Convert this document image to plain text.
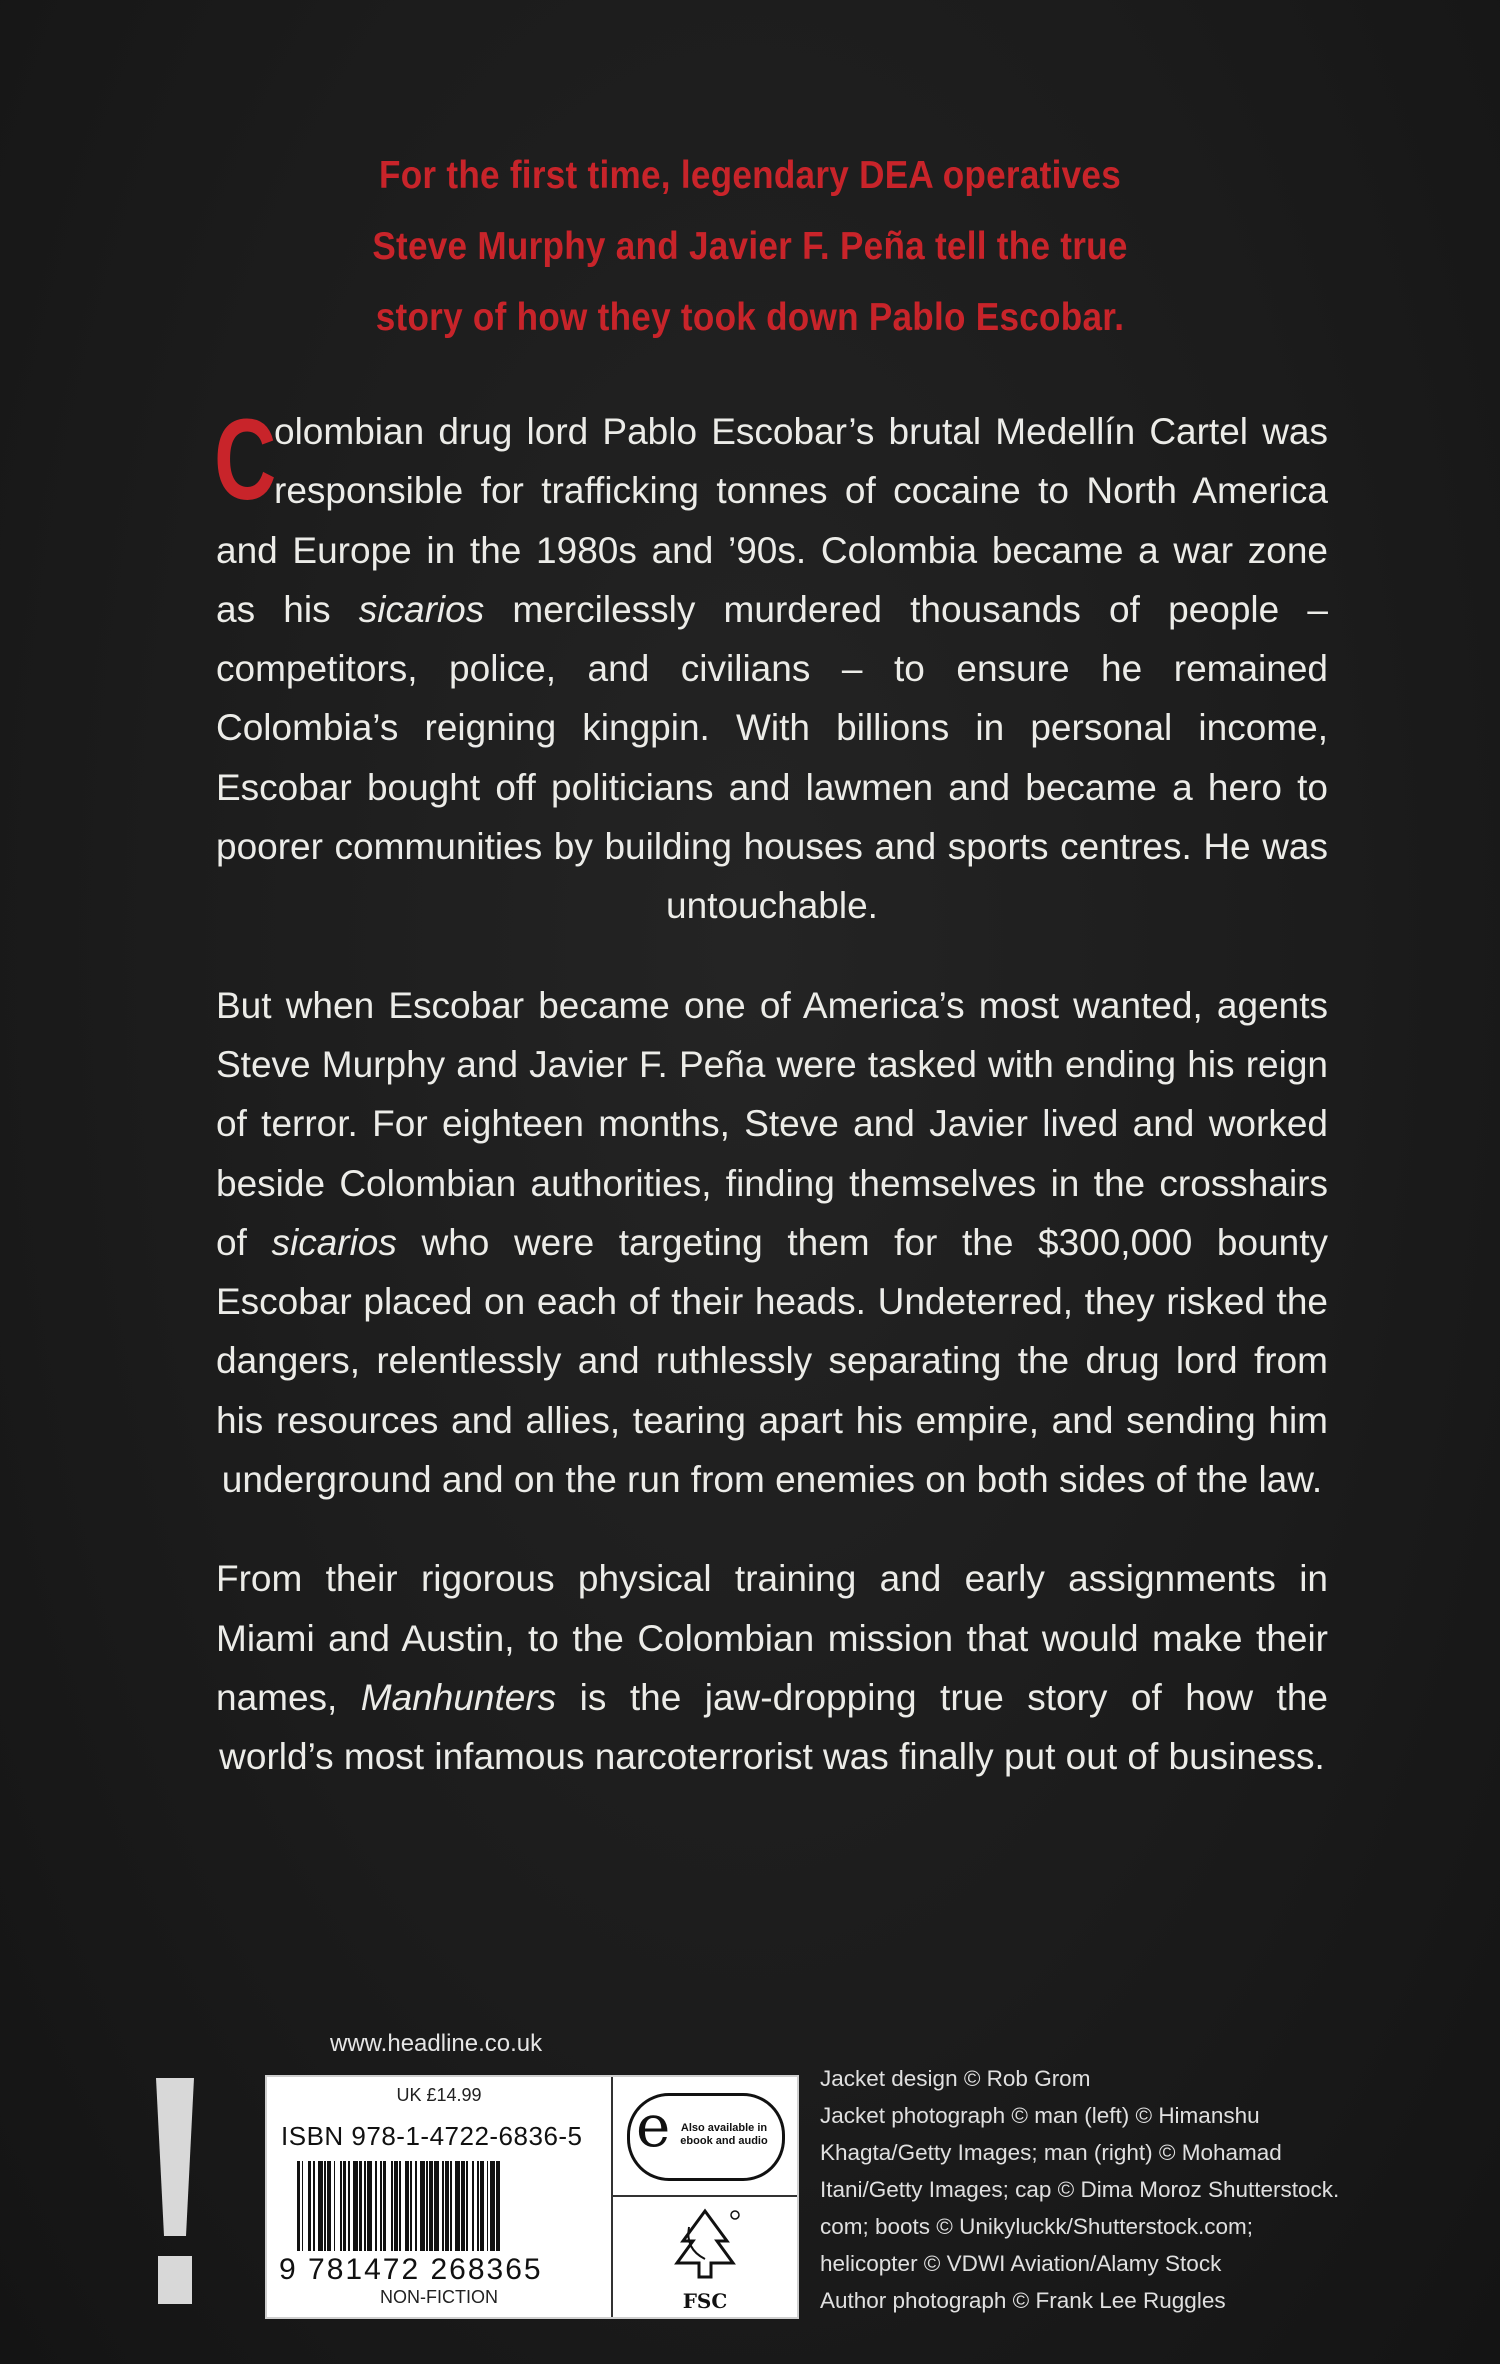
For the first time, legendary DEA operatives
Steve Murphy and Javier F. Peña tell the true
story of how they took down Pablo Escobar.

C
olombian drug lord Pablo Escobar’s brutal Medellín Cartel was responsible for trafficking tonnes of cocaine to North America and Europe in the 1980s and ’90s. Colombia became a war zone as his sicarios mercilessly murdered thousands of people – competitors, police, and civilians – to ensure he remained Colombia’s reigning kingpin. With billions in personal income, Escobar bought off politicians and lawmen and became a hero to poorer communities by building houses and sports centres. He was untouchable.

But when Escobar became one of America’s most wanted, agents Steve Murphy and Javier F. Peña were tasked with ending his reign of terror. For eighteen months, Steve and Javier lived and worked beside Colombian authorities, finding themselves in the crosshairs of sicarios who were targeting them for the $300,000 bounty Escobar placed on each of their heads. Undeterred, they risked the dangers, relentlessly and ruthlessly separating the drug lord from his resources and allies, tearing apart his empire, and sending him underground and on the run from enemies on both sides of the law.

From their rigorous physical training and early assignments in Miami and Austin, to the Colombian mission that would make their names, Manhunters is the jaw-dropping true story of how the world’s most infamous narcoterrorist was finally put out of business.

www.headline.co.uk
UK £14.99
ISBN 978-1-4722-6836-5
9 781472 268365
NON-FICTION
e Also available in ebook and audio
FSC
Jacket design © Rob Grom
Jacket photograph © man (left) © Himanshu
Khagta/Getty Images; man (right) © Mohamad
Itani/Getty Images; cap © Dima Moroz Shutterstock.
com; boots © Unikyluckk/Shutterstock.com;
helicopter © VDWI Aviation/Alamy Stock
Author photograph © Frank Lee Ruggles
